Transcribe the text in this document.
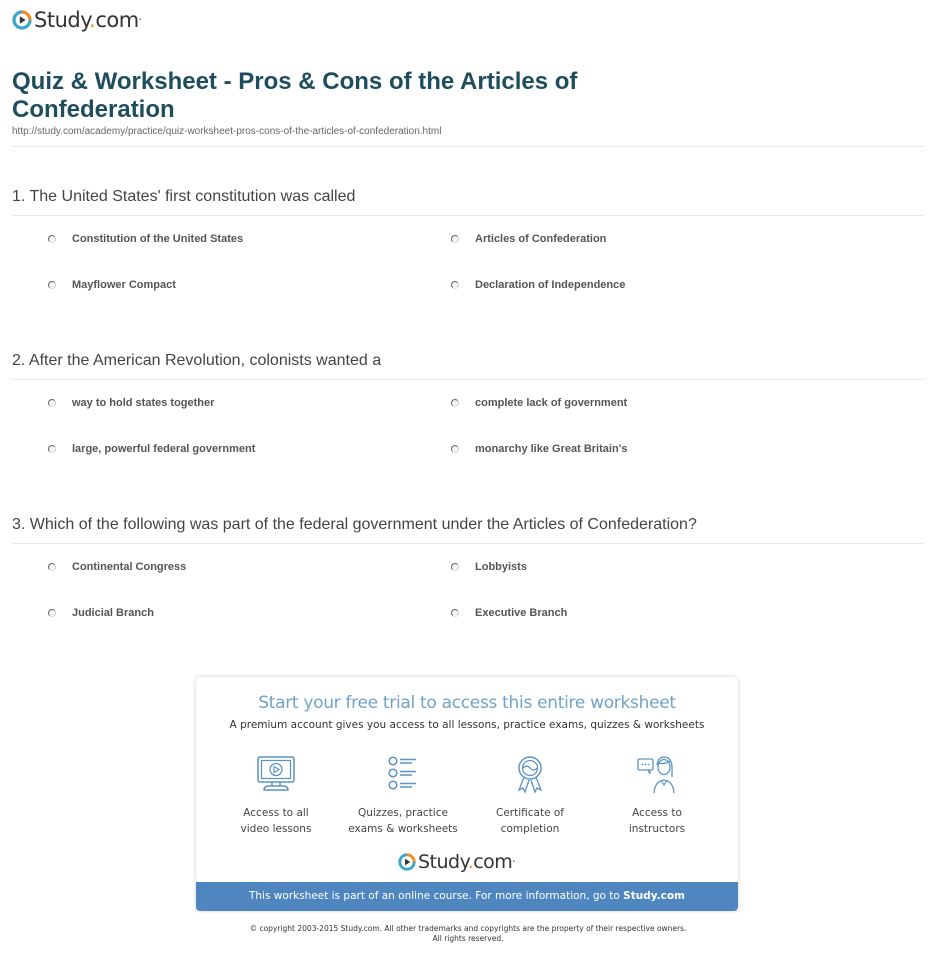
Study.com•
Quiz & Worksheet - Pros & Cons of the Articles of Confederation
http://study.com/academy/practice/quiz-worksheet-pros-cons-of-the-articles-of-confederation.html
1. The United States' first constitution was called
Constitution of the United States	Articles of Confederation
Mayflower Compact	Declaration of Independence
2. After the American Revolution, colonists wanted a
way to hold states together	complete lack of government
large, powerful federal government	monarchy like Great Britain's
3. Which of the following was part of the federal government under the Articles of Confederation?
Continental Congress	Lobbyists
Judicial Branch	Executive Branch
Start your free trial to access this entire worksheet
A premium account gives you access to all lessons, practice exams, quizzes & worksheets
Access to all
video lessons
Quizzes, practice
exams & worksheets
Certificate of
completion
Access to
instructors
Study.com•
This worksheet is part of an online course. For more information, go to Study.com
© copyright 2003-2015 Study.com. All other trademarks and copyrights are the property of their respective owners.
All rights reserved.
